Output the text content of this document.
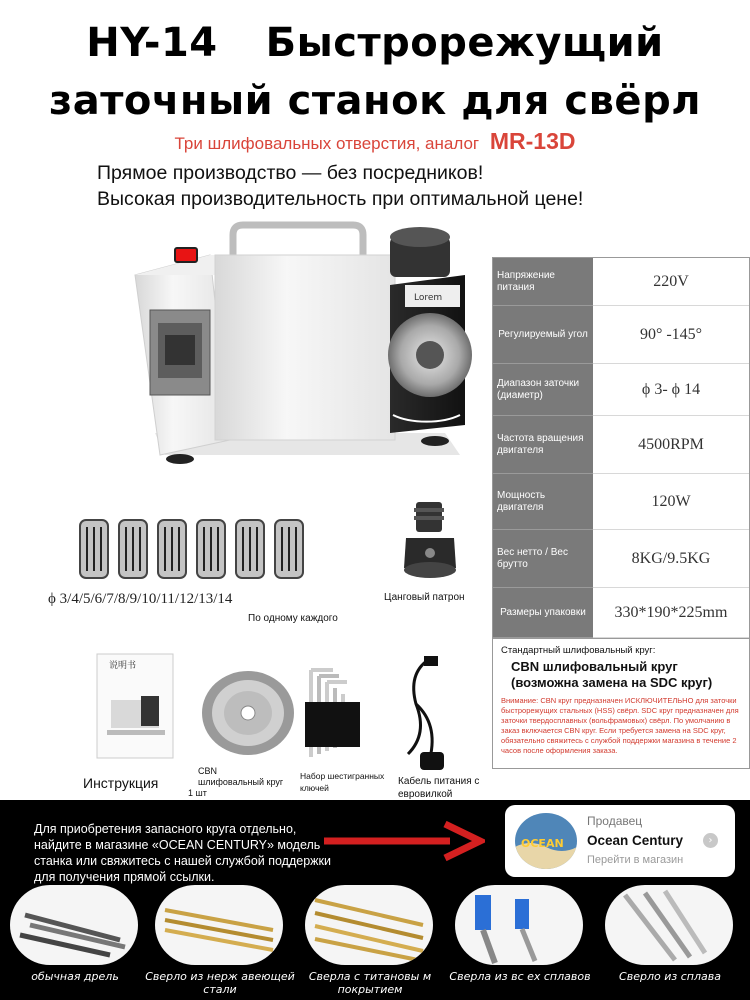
HY-14 Быстрорежущий
заточный станок для свёрл
Три шлифовальных отверстия, аналог MR-13D
Прямое производство — без посредников!
Высокая производительность при оптимальной цене!
Lorem
Напряжение питания	220V
Регулируемый угол	90° -145°
Диапазон заточки (диаметр)	ϕ 3- ϕ 14
Частота вращения двигателя	4500RPM
Мощность двигателя	120W
Вес нетто / Вес брутто	8KG/9.5KG
Размеры упаковки	330*190*225mm
Стандартный шлифовальный круг:
CBN шлифовальный круг (возможна замена на SDC круг)
Внимание: CBN круг предназначен ИСКЛЮЧИТЕЛЬНО для заточки быстрорежущих стальных (HSS) свёрл. SDC круг предназначен для заточки твердосплавных (вольфрамовых) свёрл. По умолчанию в заказ включается CBN круг. Если требуется замена на SDC круг, обязательно свяжитесь с службой поддержки магазина в течение 2 часов после оформления заказа.
ϕ 3/4/5/6/7/8/9/10/11/12/13/14
По одному каждого
Цанговый патрон
说明书
Инструкция
CBN
шлифовальный круг
1 шт
Набор шестигранных ключей
Кабель питания с евровилкой
Для приобретения запасного круга отдельно, найдите в магазине «OCEAN CENTURY» модель станка или свяжитесь с нашей службой поддержки для получения прямой ссылки.
OCEAN
Продавец
Ocean Century	›
Перейти в магазин
обычная дрель	Сверло из нерж авеющей стали
Сверла с титановы м покрытием
Сверла из вс ех сплавов	Сверло из сплава
